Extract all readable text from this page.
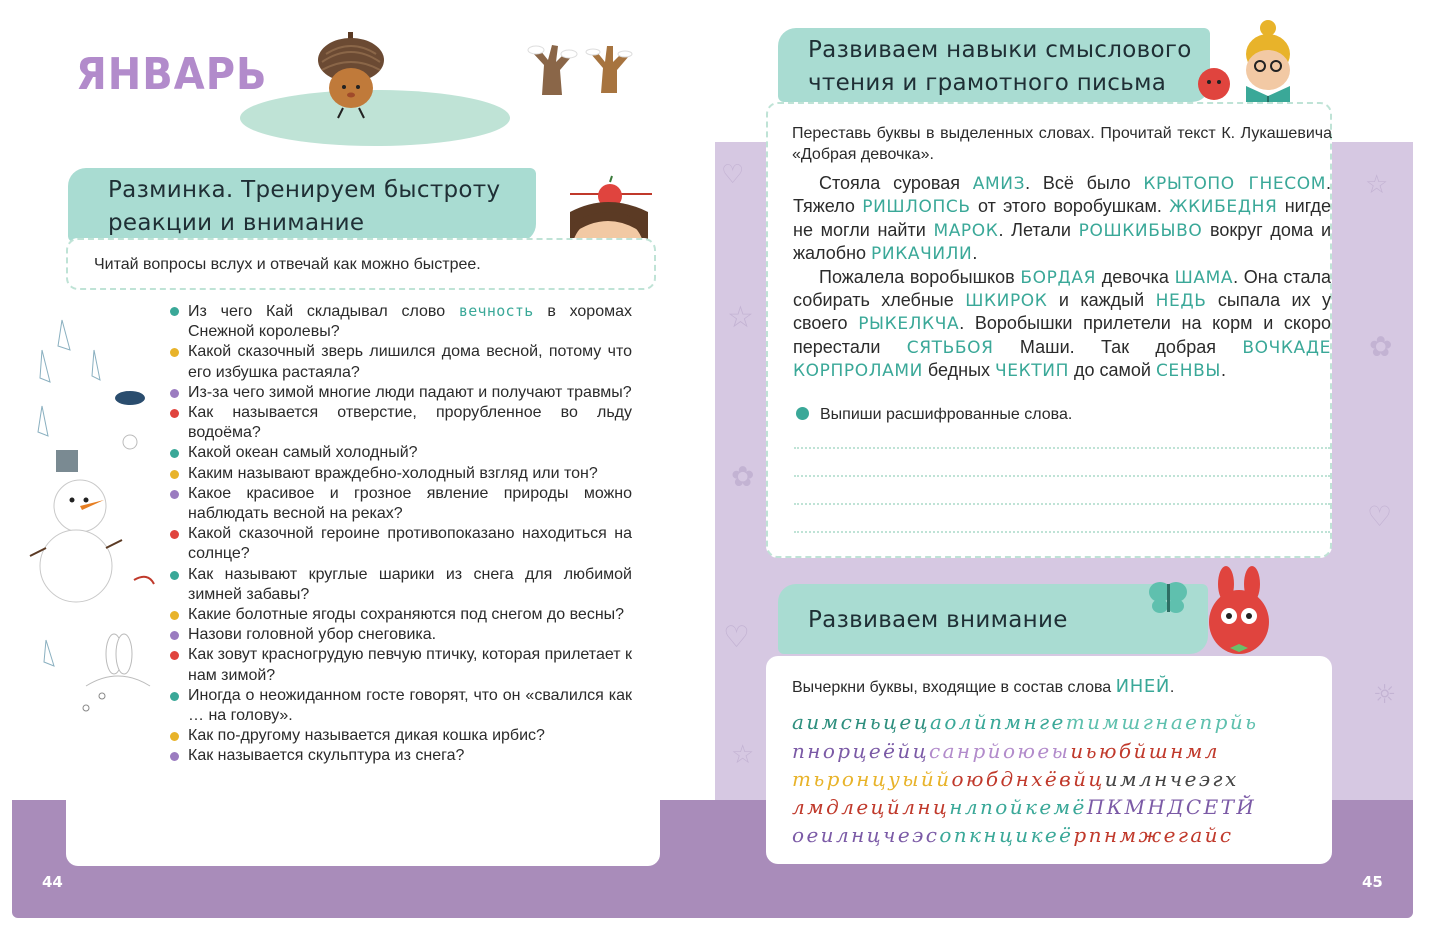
ЯНВАРЬ
Разминка. Тренируем быстроту
реакции и внимание
Читай вопросы вслух и отвечай как можно быстрее.
Из чего Кай складывал слово вечность в хоромах Снежной королевы?
Какой сказочный зверь лишился дома весной, потому что его избушка растаяла?
Из-за чего зимой многие люди падают и получают травмы?
Как называется отверстие, прорубленное во льду водоёма?
Какой океан самый холодный?
Каким называют враждебно-холодный взгляд или тон?
Какое красивое и грозное явление природы можно наблюдать весной на реках?
Какой сказочной героине противопоказано находиться на солнце?
Как называют круглые шарики из снега для любимой зимней забавы?
Какие болотные ягоды сохраняются под снегом до весны?
Назови головной убор снеговика.
Как зовут красногрудую певчую птичку, которая прилетает к нам зимой?
Иногда о неожиданном госте говорят, что он «свалился как … на голову».
Как по-другому называется дикая кошка ирбис?
Как называется скульптура из снега?
44
♡
☆
✿
♡
☆
☆
✿
♡
☼
Развиваем навыки смыслового
чтения и грамотного письма
Переставь буквы в выделенных словах. Прочитай текст К. Лукашевича «Добрая девочка».

Стояла суровая АМИЗ. Всё было КРЫТОПО ГНЕСОМ. Тяжело РИШЛОПСЬ от этого воробушкам. ЖКИБЕДНЯ нигде не могли найти МАРОК. Летали РОШКИБЫВО вокруг дома и жалобно РИКАЧИЛИ.

Пожалела воробышков БОРДАЯ девочка ШАМА. Она стала собирать хлебные ШКИРОК и каждый НЕДЬ сыпала их у своего РЫКЕЛКЧА. Воробышки прилетели на корм и скоро перестали СЯТЬБОЯ Маши. Так добрая ВОЧКАДЕ КОРПРОЛАМИ бедных ЧЕКТИП до самой СЕНВЫ.

Выпиши расшифрованные слова.
Развиваем внимание
Вычеркни буквы, входящие в состав слова ИНЕЙ.
аимсньцецаолйпмнгетимшгнаепрйь
пнорцеёйцсанрйоюеыиьюбйшнмл
тьронцуыййоюбднхёвйцимлнчеэгх
лмдлецйлнцнлпойкемёПКМНДСЕТЙ
оеилнцчеэсопкнцикеёрпнмжегайс
45
